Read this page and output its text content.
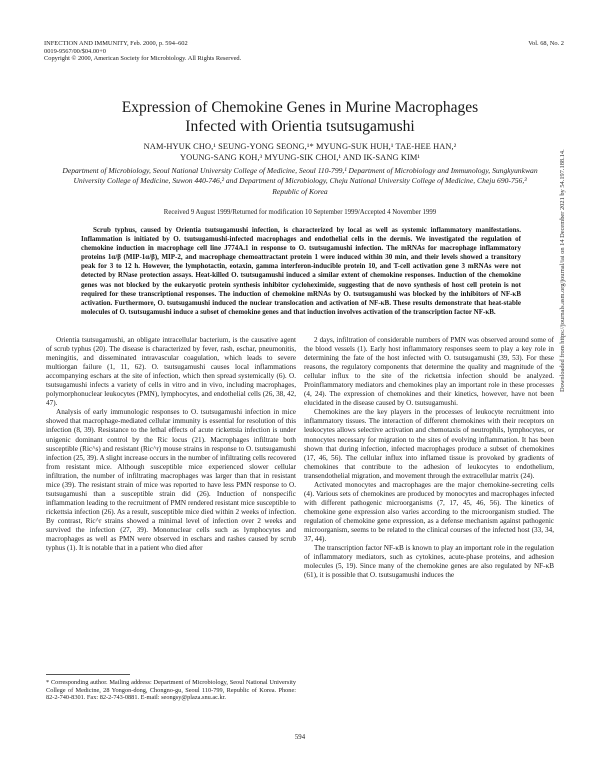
INFECTION AND IMMUNITY, Feb. 2000, p. 594–602
0019-9567/00/$04.00+0
Copyright © 2000, American Society for Microbiology. All Rights Reserved.
Vol. 68, No. 2
Expression of Chemokine Genes in Murine Macrophages
Infected with Orientia tsutsugamushi
NAM-HYUK CHO,¹ SEUNG-YONG SEONG,¹* MYUNG-SUK HUH,¹ TAE-HEE HAN,²
YOUNG-SANG KOH,³ MYUNG-SIK CHOI,¹ AND IK-SANG KIM¹
Department of Microbiology, Seoul National University College of Medicine, Seoul 110-799,¹ Department of Microbiology and Immunology, Sungkyunkwan University College of Medicine, Suwon 440-746,² and Department of Microbiology, Cheju National University College of Medicine, Cheju 690-756,³ Republic of Korea
Received 9 August 1999/Returned for modification 10 September 1999/Accepted 4 November 1999

Scrub typhus, caused by Orientia tsutsugamushi infection, is characterized by local as well as systemic inflammatory manifestations. Inflammation is initiated by O. tsutsugamushi-infected macrophages and endothelial cells in the dermis. We investigated the regulation of chemokine induction in macrophage cell line J774A.1 in response to O. tsutsugamushi infection. The mRNAs for macrophage inflammatory proteins 1α/β (MIP-1α/β), MIP-2, and macrophage chemoattractant protein 1 were induced within 30 min, and their levels showed a transitory peak for 3 to 12 h. However, the lymphotactin, eotaxin, gamma interferon-inducible protein 10, and T-cell activation gene 3 mRNAs were not detected by RNase protection assays. Heat-killed O. tsutsugamushi induced a similar extent of chemokine responses. Induction of the chemokine genes was not blocked by the eukaryotic protein synthesis inhibitor cycloheximide, suggesting that de novo synthesis of host cell protein is not required for these transcriptional responses. The induction of chemokine mRNAs by O. tsutsugamushi was blocked by the inhibitors of NF-κB activation. Furthermore, O. tsutsugamushi induced the nuclear translocation and activation of NF-κB. These results demonstrate that heat-stable molecules of O. tsutsugamushi induce a subset of chemokine genes and that induction involves activation of the transcription factor NF-κB.

Orientia tsutsugamushi, an obligate intracellular bacterium, is the causative agent of scrub typhus (20). The disease is characterized by fever, rash, eschar, pneumonitis, meningitis, and disseminated intravascular coagulation, which leads to severe multiorgan failure (1, 11, 62). O. tsutsugamushi causes local inflammations accompanying eschars at the site of infection, which then spread systemically (6). O. tsutsugamushi infects a variety of cells in vitro and in vivo, including macrophages, polymorphonuclear leukocytes (PMN), lymphocytes, and endothelial cells (26, 38, 42, 47).

Analysis of early immunologic responses to O. tsutsugamushi infection in mice showed that macrophage-mediated cellular immunity is essential for resolution of this infection (8, 39). Resistance to the lethal effects of acute rickettsia infection is under unigenic dominant control by the Ric locus (21). Macrophages infiltrate both susceptible (Ric^s) and resistant (Ric^r) mouse strains in response to O. tsutsugamushi infection (25, 39). A slight increase occurs in the number of infiltrating cells recovered from resistant mice. Although susceptible mice experienced slower cellular infiltration, the number of infiltrating macrophages was larger than that in resistant mice (39). The resistant strain of mice was reported to have less PMN response to O. tsutsugamushi than a susceptible strain did (26). Induction of nonspecific inflammation leading to the recruitment of PMN rendered resistant mice susceptible to rickettsia infection (26). As a result, susceptible mice died within 2 weeks of infection. By contrast, Ric^r strains showed a minimal level of infection over 2 weeks and survived the infection (27, 39). Mononuclear cells such as lymphocytes and macrophages as well as PMN were observed in eschars and rashes caused by scrub typhus (1). It is notable that in a patient who died after

2 days, infiltration of considerable numbers of PMN was observed around some of the blood vessels (1). Early host inflammatory responses seem to play a key role in determining the fate of the host infected with O. tsutsugamushi (39, 53). For these reasons, the regulatory components that determine the quality and magnitude of the cellular influx to the site of the rickettsia infection should be analyzed. Proinflammatory mediators and chemokines play an important role in these processes (4, 24). The expression of chemokines and their kinetics, however, have not been elucidated in the disease caused by O. tsutsugamushi.

Chemokines are the key players in the processes of leukocyte recruitment into inflammatory tissues. The interaction of different chemokines with their receptors on leukocytes allows selective activation and chemotaxis of neutrophils, lymphocytes, or monocytes necessary for migration to the sites of evolving inflammation. It has been shown that during infection, infected macrophages produce a subset of chemokines (17, 46, 56). The cellular influx into inflamed tissue is provoked by gradients of chemokines that contribute to the adhesion of leukocytes to endothelium, transendothelial migration, and movement through the extracellular matrix (24).

Activated monocytes and macrophages are the major chemokine-secreting cells (4). Various sets of chemokines are produced by monocytes and macrophages infected with different pathogenic microorganisms (7, 17, 45, 46, 56). The kinetics of chemokine gene expression also varies according to the microorganism studied. The regulation of chemokine gene expression, as a defense mechanism against pathogenic microorganism, seems to be related to the clinical courses of the infected host (33, 34, 37, 44).

The transcription factor NF-κB is known to play an important role in the regulation of inflammatory mediators, such as cytokines, acute-phase proteins, and adhesion molecules (5, 19). Since many of the chemokine genes are also regulated by NF-κB (61), it is possible that O. tsutsugamushi induces the

* Corresponding author. Mailing address: Department of Microbiology, Seoul National University College of Medicine, 28 Yongon-dong, Chongno-gu, Seoul 110-799, Republic of Korea. Phone: 82-2-740-8301. Fax: 82-2-743-0881. E-mail: seongsy@plaza.snu.ac.kr.
594
Downloaded from https://journals.asm.org/journal/iai on 14 December 2021 by 54.197.188.14.
